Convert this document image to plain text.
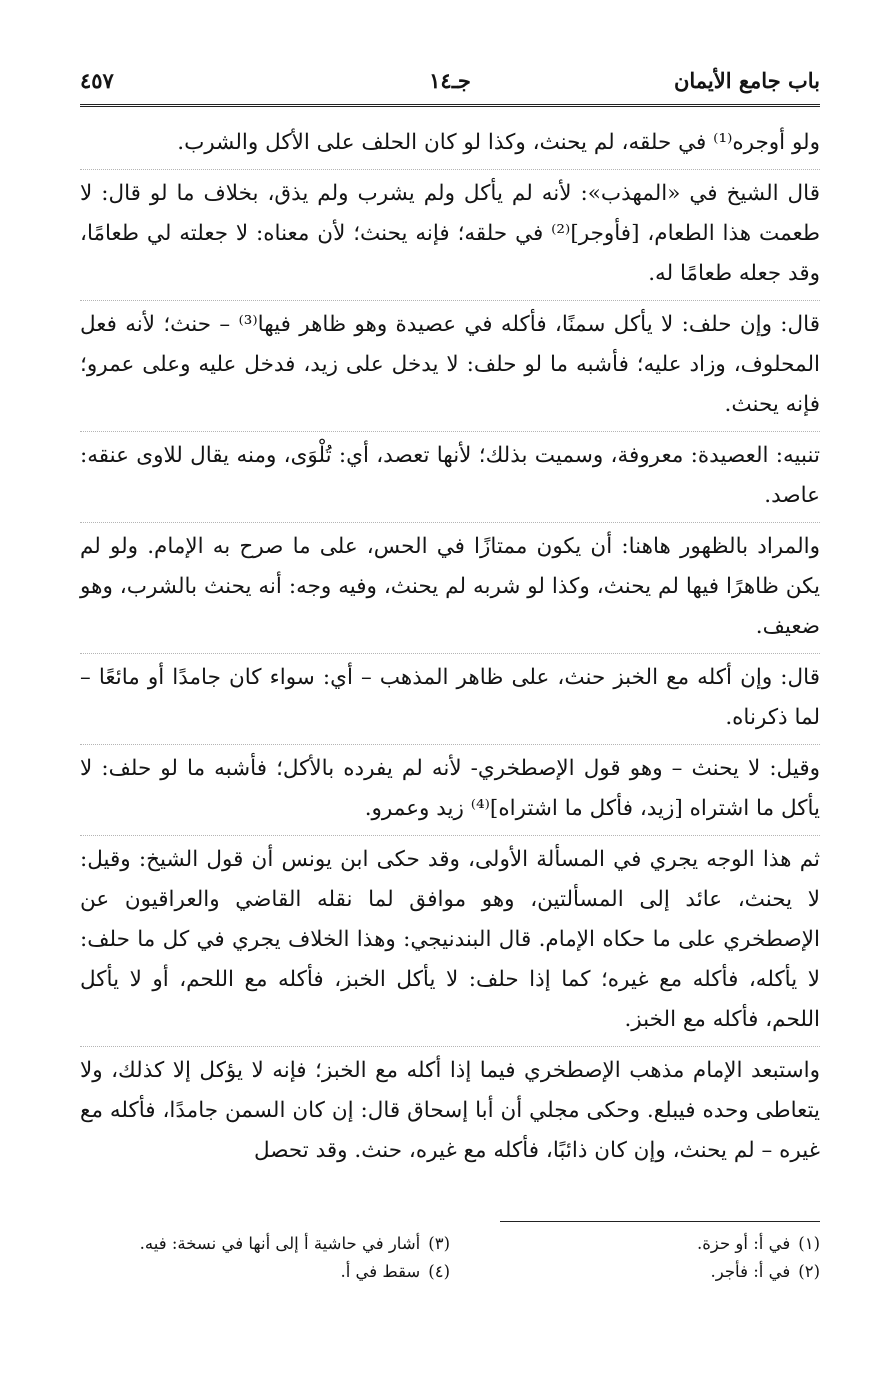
باب جامع الأيمان
جـ١٤
٤٥٧

ولو أوجره⁽¹⁾ في حلقه، لم يحنث، وكذا لو كان الحلف على الأكل والشرب.

قال الشيخ في «المهذب»: لأنه لم يأكل ولم يشرب ولم يذق، بخلاف ما لو قال: لا طعمت هذا الطعام، [فأوجر]⁽²⁾ في حلقه؛ فإنه يحنث؛ لأن معناه: لا جعلته لي طعامًا، وقد جعله طعامًا له.

قال: وإن حلف: لا يأكل سمنًا، فأكله في عصيدة وهو ظاهر فيها⁽³⁾ – حنث؛ لأنه فعل المحلوف، وزاد عليه؛ فأشبه ما لو حلف: لا يدخل على زيد، فدخل عليه وعلى عمرو؛ فإنه يحنث.

تنبيه: العصيدة: معروفة، وسميت بذلك؛ لأنها تعصد، أي: تُلْوَى، ومنه يقال للاوى عنقه: عاصد.

والمراد بالظهور هاهنا: أن يكون ممتازًا في الحس، على ما صرح به الإمام. ولو لم يكن ظاهرًا فيها لم يحنث، وكذا لو شربه لم يحنث، وفيه وجه: أنه يحنث بالشرب، وهو ضعيف.

قال: وإن أكله مع الخبز حنث، على ظاهر المذهب – أي: سواء كان جامدًا أو مائعًا – لما ذكرناه.

وقيل: لا يحنث – وهو قول الإصطخري- لأنه لم يفرده بالأكل؛ فأشبه ما لو حلف: لا يأكل ما اشتراه [زيد، فأكل ما اشتراه]⁽⁴⁾ زيد وعمرو.

ثم هذا الوجه يجري في المسألة الأولى، وقد حكى ابن يونس أن قول الشيخ: وقيل: لا يحنث، عائد إلى المسألتين، وهو موافق لما نقله القاضي والعراقيون عن الإصطخري على ما حكاه الإمام. قال البندنيجي: وهذا الخلاف يجري في كل ما حلف: لا يأكله، فأكله مع غيره؛ كما إذا حلف: لا يأكل الخبز، فأكله مع اللحم، أو لا يأكل اللحم، فأكله مع الخبز.

واستبعد الإمام مذهب الإصطخري فيما إذا أكله مع الخبز؛ فإنه لا يؤكل إلا كذلك، ولا يتعاطى وحده فيبلع. وحكى مجلي أن أبا إسحاق قال: إن كان السمن جامدًا، فأكله مع غيره – لم يحنث، وإن كان ذائبًا، فأكله مع غيره، حنث. وقد تحصل

(١)في أ: أو حزة.
(٣)أشار في حاشية أ إلى أنها في نسخة: فيه.
(٢)في أ: فأجر.
(٤)سقط في أ.
